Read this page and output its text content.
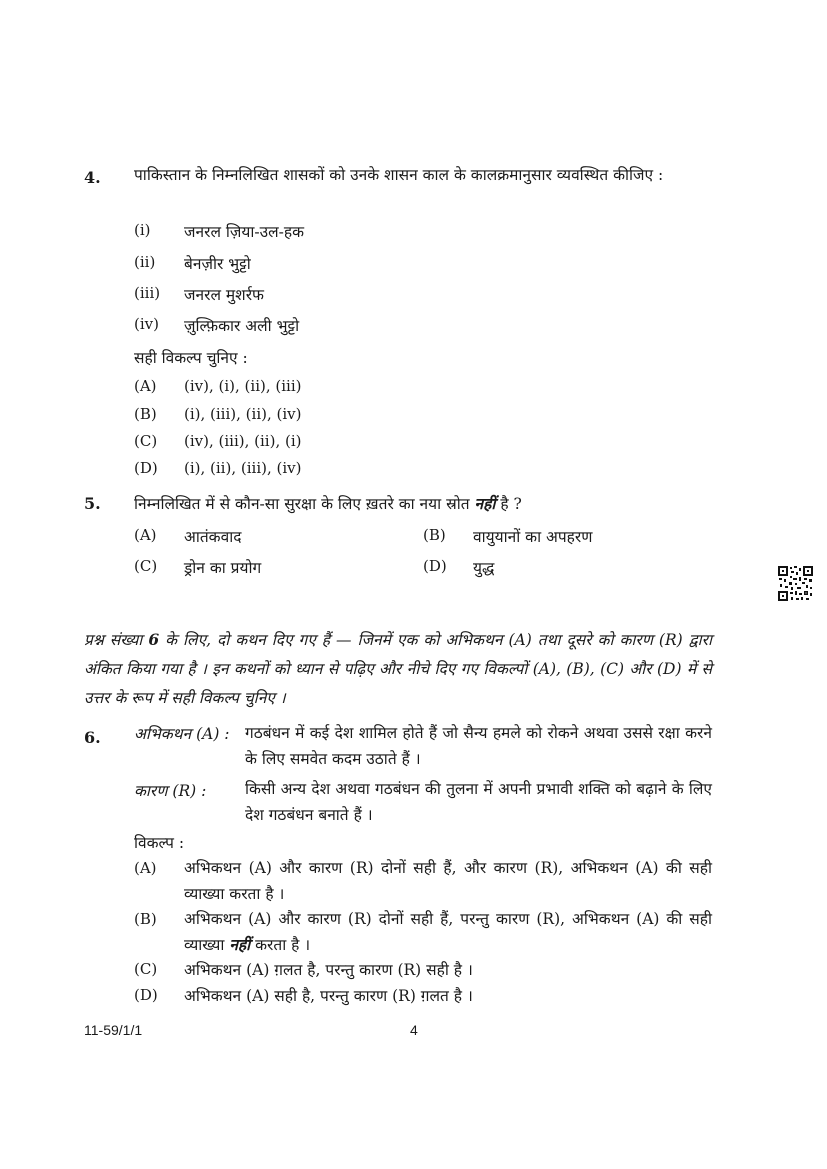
4. पाकिस्तान के निम्नलिखित शासकों को उनके शासन काल के कालक्रमानुसार व्यवस्थित कीजिए :
(i) जनरल ज़िया-उल-हक
(ii) बेनज़ीर भुट्टो
(iii) जनरल मुशर्रफ
(iv) ज़ुल्फ़िकार अली भुट्टो
सही विकल्प चुनिए :
(A) (iv), (i), (ii), (iii)
(B) (i), (iii), (ii), (iv)
(C) (iv), (iii), (ii), (i)
(D) (i), (ii), (iii), (iv)
5. निम्नलिखित में से कौन-सा सुरक्षा के लिए ख़तरे का नया स्रोत नहीं है ?
(A) आतंकवाद	(B) वायुयानों का अपहरण
(C) ड्रोन का प्रयोग	(D) युद्ध
प्रश्न संख्या 6 के लिए, दो कथन दिए गए हैं — जिनमें एक को अभिकथन (A) तथा दूसरे को कारण (R) द्वारा अंकित किया गया है । इन कथनों को ध्यान से पढ़िए और नीचे दिए गए विकल्पों (A), (B), (C) और (D) में से उत्तर के रूप में सही विकल्प चुनिए ।
6. अभिकथन (A) : गठबंधन में कई देश शामिल होते हैं जो सैन्य हमले को रोकने अथवा उससे रक्षा करने के लिए समवेत कदम उठाते हैं ।
कारण (R) : किसी अन्य देश अथवा गठबंधन की तुलना में अपनी प्रभावी शक्ति को बढ़ाने के लिए देश गठबंधन बनाते हैं ।
विकल्प :
(A) अभिकथन (A) और कारण (R) दोनों सही हैं, और कारण (R), अभिकथन (A) की सही व्याख्या करता है ।
(B) अभिकथन (A) और कारण (R) दोनों सही हैं, परन्तु कारण (R), अभिकथन (A) की सही व्याख्या नहीं करता है ।
(C) अभिकथन (A) ग़लत है, परन्तु कारण (R) सही है ।
(D) अभिकथन (A) सही है, परन्तु कारण (R) ग़लत है ।
11-59/1/1	4
